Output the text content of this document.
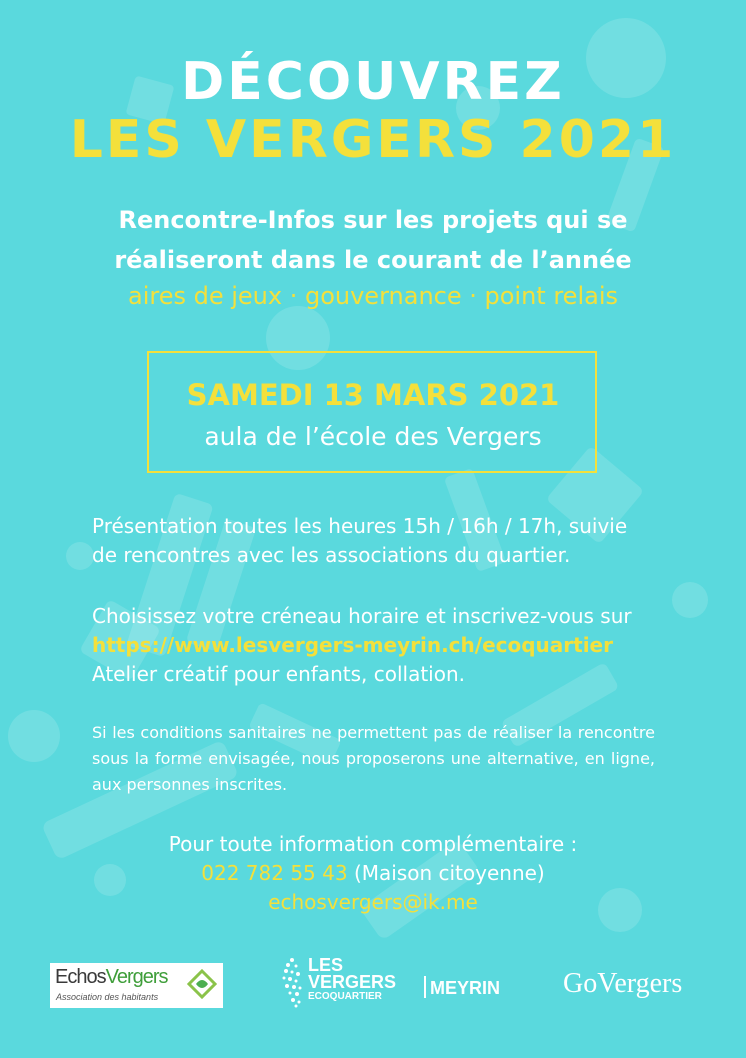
DÉCOUVREZ
LES VERGERS 2021
Rencontre-Infos sur les projets qui se
réaliseront dans le courant de l’année
aires de jeux · gouvernance · point relais
SAMEDI 13 MARS 2021
aula de l’école des Vergers
Présentation toutes les heures 15h / 16h / 17h, suivie
de rencontres avec les associations du quartier.
Choisissez votre créneau horaire et inscrivez-vous sur
https://www.lesvergers-meyrin.ch/ecoquartier
Atelier créatif pour enfants, collation.
Si les conditions sanitaires ne permettent pas de réaliser la rencontre sous la forme envisagée, nous proposerons une alternative, en ligne, aux personnes inscrites.
Pour toute information complémentaire :
022 782 55 43 (Maison citoyenne)
echosvergers@ik.me
EchosVergers
Association des habitants
LES
VERGERS
ECOQUARTIER	MEYRIN GoVergers
